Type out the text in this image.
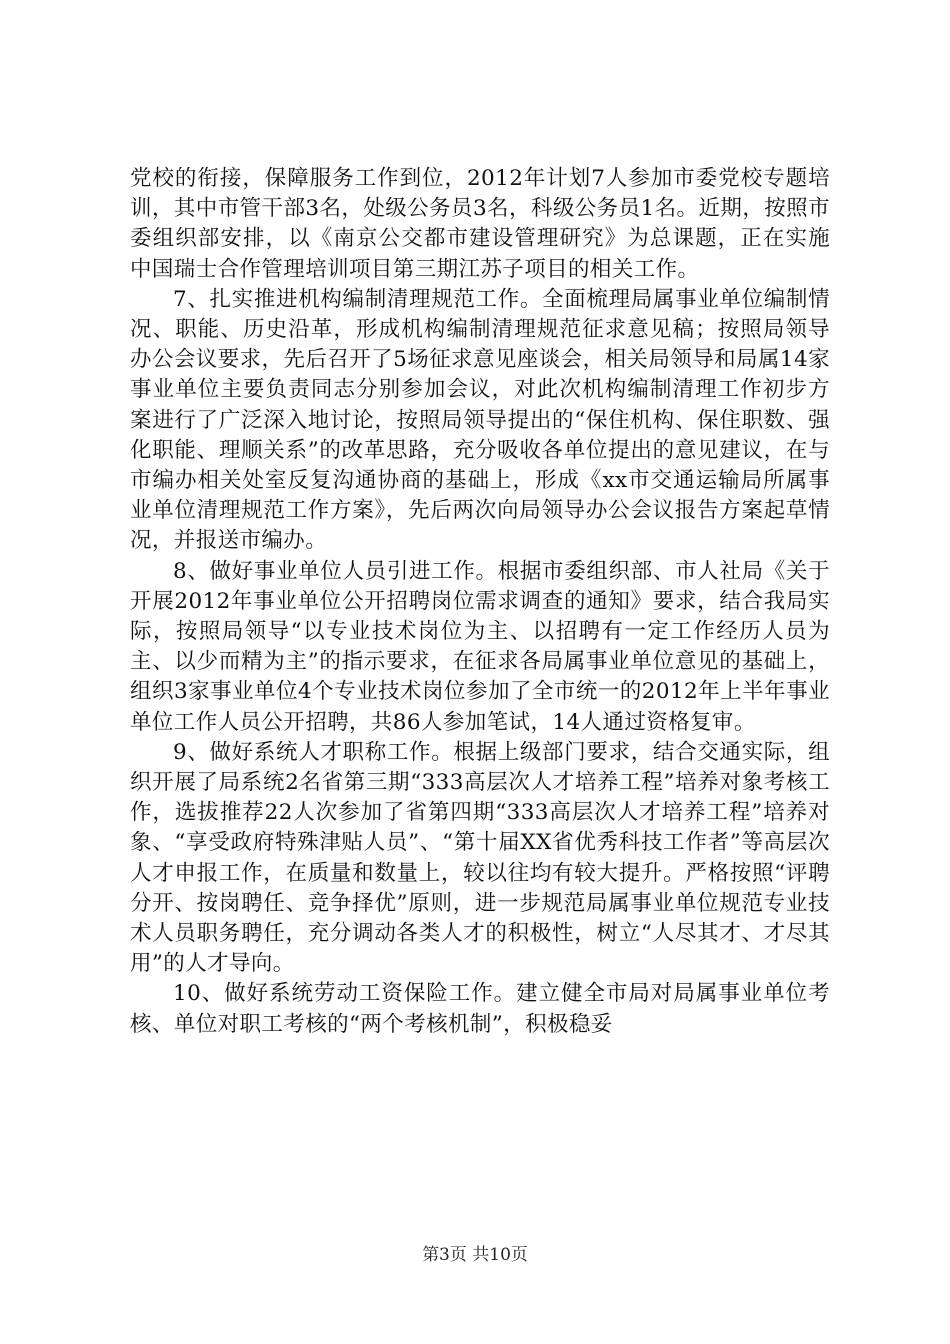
党校的衔接，保障服务工作到位，2012年计划7人参加市委党校专题培训，其中市管干部3名，处级公务员3名，科级公务员1名。近期，按照市委组织部安排，以《南京公交都市建设管理研究》为总课题，正在实施中国瑞士合作管理培训项目第三期江苏子项目的相关工作。

7、扎实推进机构编制清理规范工作。全面梳理局属事业单位编制情况、职能、历史沿革，形成机构编制清理规范征求意见稿；按照局领导办公会议要求，先后召开了5场征求意见座谈会，相关局领导和局属14家事业单位主要负责同志分别参加会议，对此次机构编制清理工作初步方案进行了广泛深入地讨论，按照局领导提出的“保住机构、保住职数、强化职能、理顺关系”的改革思路，充分吸收各单位提出的意见建议，在与市编办相关处室反复沟通协商的基础上，形成《xx市交通运输局所属事业单位清理规范工作方案》，先后两次向局领导办公会议报告方案起草情况，并报送市编办。

8、做好事业单位人员引进工作。根据市委组织部、市人社局《关于开展2012年事业单位公开招聘岗位需求调查的通知》要求，结合我局实际，按照局领导“以专业技术岗位为主、以招聘有一定工作经历人员为主、以少而精为主”的指示要求，在征求各局属事业单位意见的基础上，组织3家事业单位4个专业技术岗位参加了全市统一的2012年上半年事业单位工作人员公开招聘，共86人参加笔试，14人通过资格复审。

9、做好系统人才职称工作。根据上级部门要求，结合交通实际，组织开展了局系统2名省第三期“333高层次人才培养工程”培养对象考核工作，选拔推荐22人次参加了省第四期“333高层次人才培养工程”培养对象、“享受政府特殊津贴人员”、“第十届XX省优秀科技工作者”等高层次人才申报工作，在质量和数量上，较以往均有较大提升。严格按照“评聘分开、按岗聘任、竞争择优”原则，进一步规范局属事业单位规范专业技术人员职务聘任，充分调动各类人才的积极性，树立“人尽其才、才尽其用”的人才导向。

10、做好系统劳动工资保险工作。建立健全市局对局属事业单位考核、单位对职工考核的“两个考核机制”，积极稳妥

第3页 共10页
